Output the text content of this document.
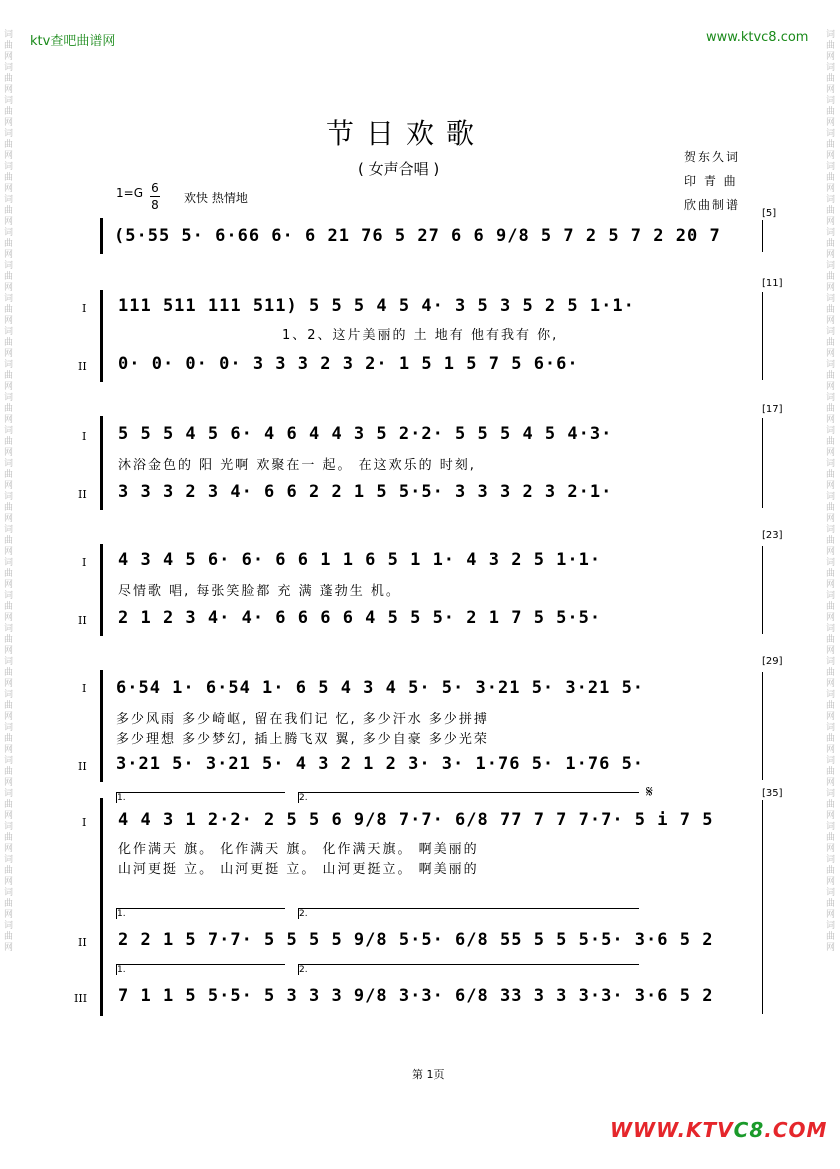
ktv查吧曲谱网	www.ktvc8.com
词曲网词曲网词曲网词曲网词曲网词曲网词曲网词曲网词曲网词曲网词曲网词曲网词曲网词曲网词曲网词曲网词曲网词曲网词曲网词曲网词曲网词曲网词曲网词曲网词曲网词曲网词曲网词曲网
词曲网词曲网词曲网词曲网词曲网词曲网词曲网词曲网词曲网词曲网词曲网词曲网词曲网词曲网词曲网词曲网词曲网词曲网词曲网词曲网词曲网词曲网词曲网词曲网词曲网词曲网词曲网词曲网
节日欢歌
( 女声合唱 )
贺东久词
印 青 曲
欣曲制谱
$1=G \frac{6}{8}$ 欢快 热情地
[5]
(5·55 5· 6·66 6· 6 21 76 5 27 6 6 9/8 5 7 2 5 7 2 20 7
[11]
I
II
111 511 111 511) 5 5 5 4 5 4· 3 5 3 5 2 5 1·1·
1、2、这片美丽的 土 地有 他有我有 你,
0· 0· 0· 0· 3 3 3 2 3 2· 1 5 1 5 7 5 6·6·
[17]
I
II
5 5 5 4 5 6· 4 6 4 4 3 5 2·2· 5 5 5 4 5 4·3·
沐浴金色的 阳 光啊 欢聚在一 起。 在这欢乐的 时刻,
3 3 3 2 3 4· 6 6 2 2 1 5 5·5· 3 3 3 2 3 2·1·
[23]
I
II
4 3 4 5 6· 6· 6 6 1 1 6 5 1 1· 4 3 2 5 1·1·
尽情歌 唱, 每张笑脸都 充 满 蓬勃生 机。
2 1 2 3 4· 4· 6 6 6 6 4 5 5 5· 2 1 7 5 5·5·
[29]
I
II
6·54 1· 6·54 1· 6 5 4 3 4 5· 5· 3·21 5· 3·21 5·
多少风雨 多少崎岖, 留在我们记 忆, 多少汗水 多少拼搏
多少理想 多少梦幻, 插上腾飞双 翼, 多少自豪 多少光荣
3·21 5· 3·21 5· 4 3 2 1 2 3· 3· 1·76 5· 1·76 5·
[35]
1.	2.	𝄋
I 4 4 3 1 2·2· 2 5 5 6 9/8 7·7· 6/8 77 7 7 7·7· 5 i 7 5
化作满天 旗。 化作满天 旗。 化作满天旗。 啊美丽的
山河更挺 立。 山河更挺 立。 山河更挺立。 啊美丽的
1.	2.
II 2 2 1 5 7·7· 5 5 5 5 9/8 5·5· 6/8 55 5 5 5·5· 3·6 5 2
1.	2.
III 7 1 1 5 5·5· 5 3 3 3 9/8 3·3· 6/8 33 3 3 3·3· 3·6 5 2
第 1页
WWW.KTVC8.COM
